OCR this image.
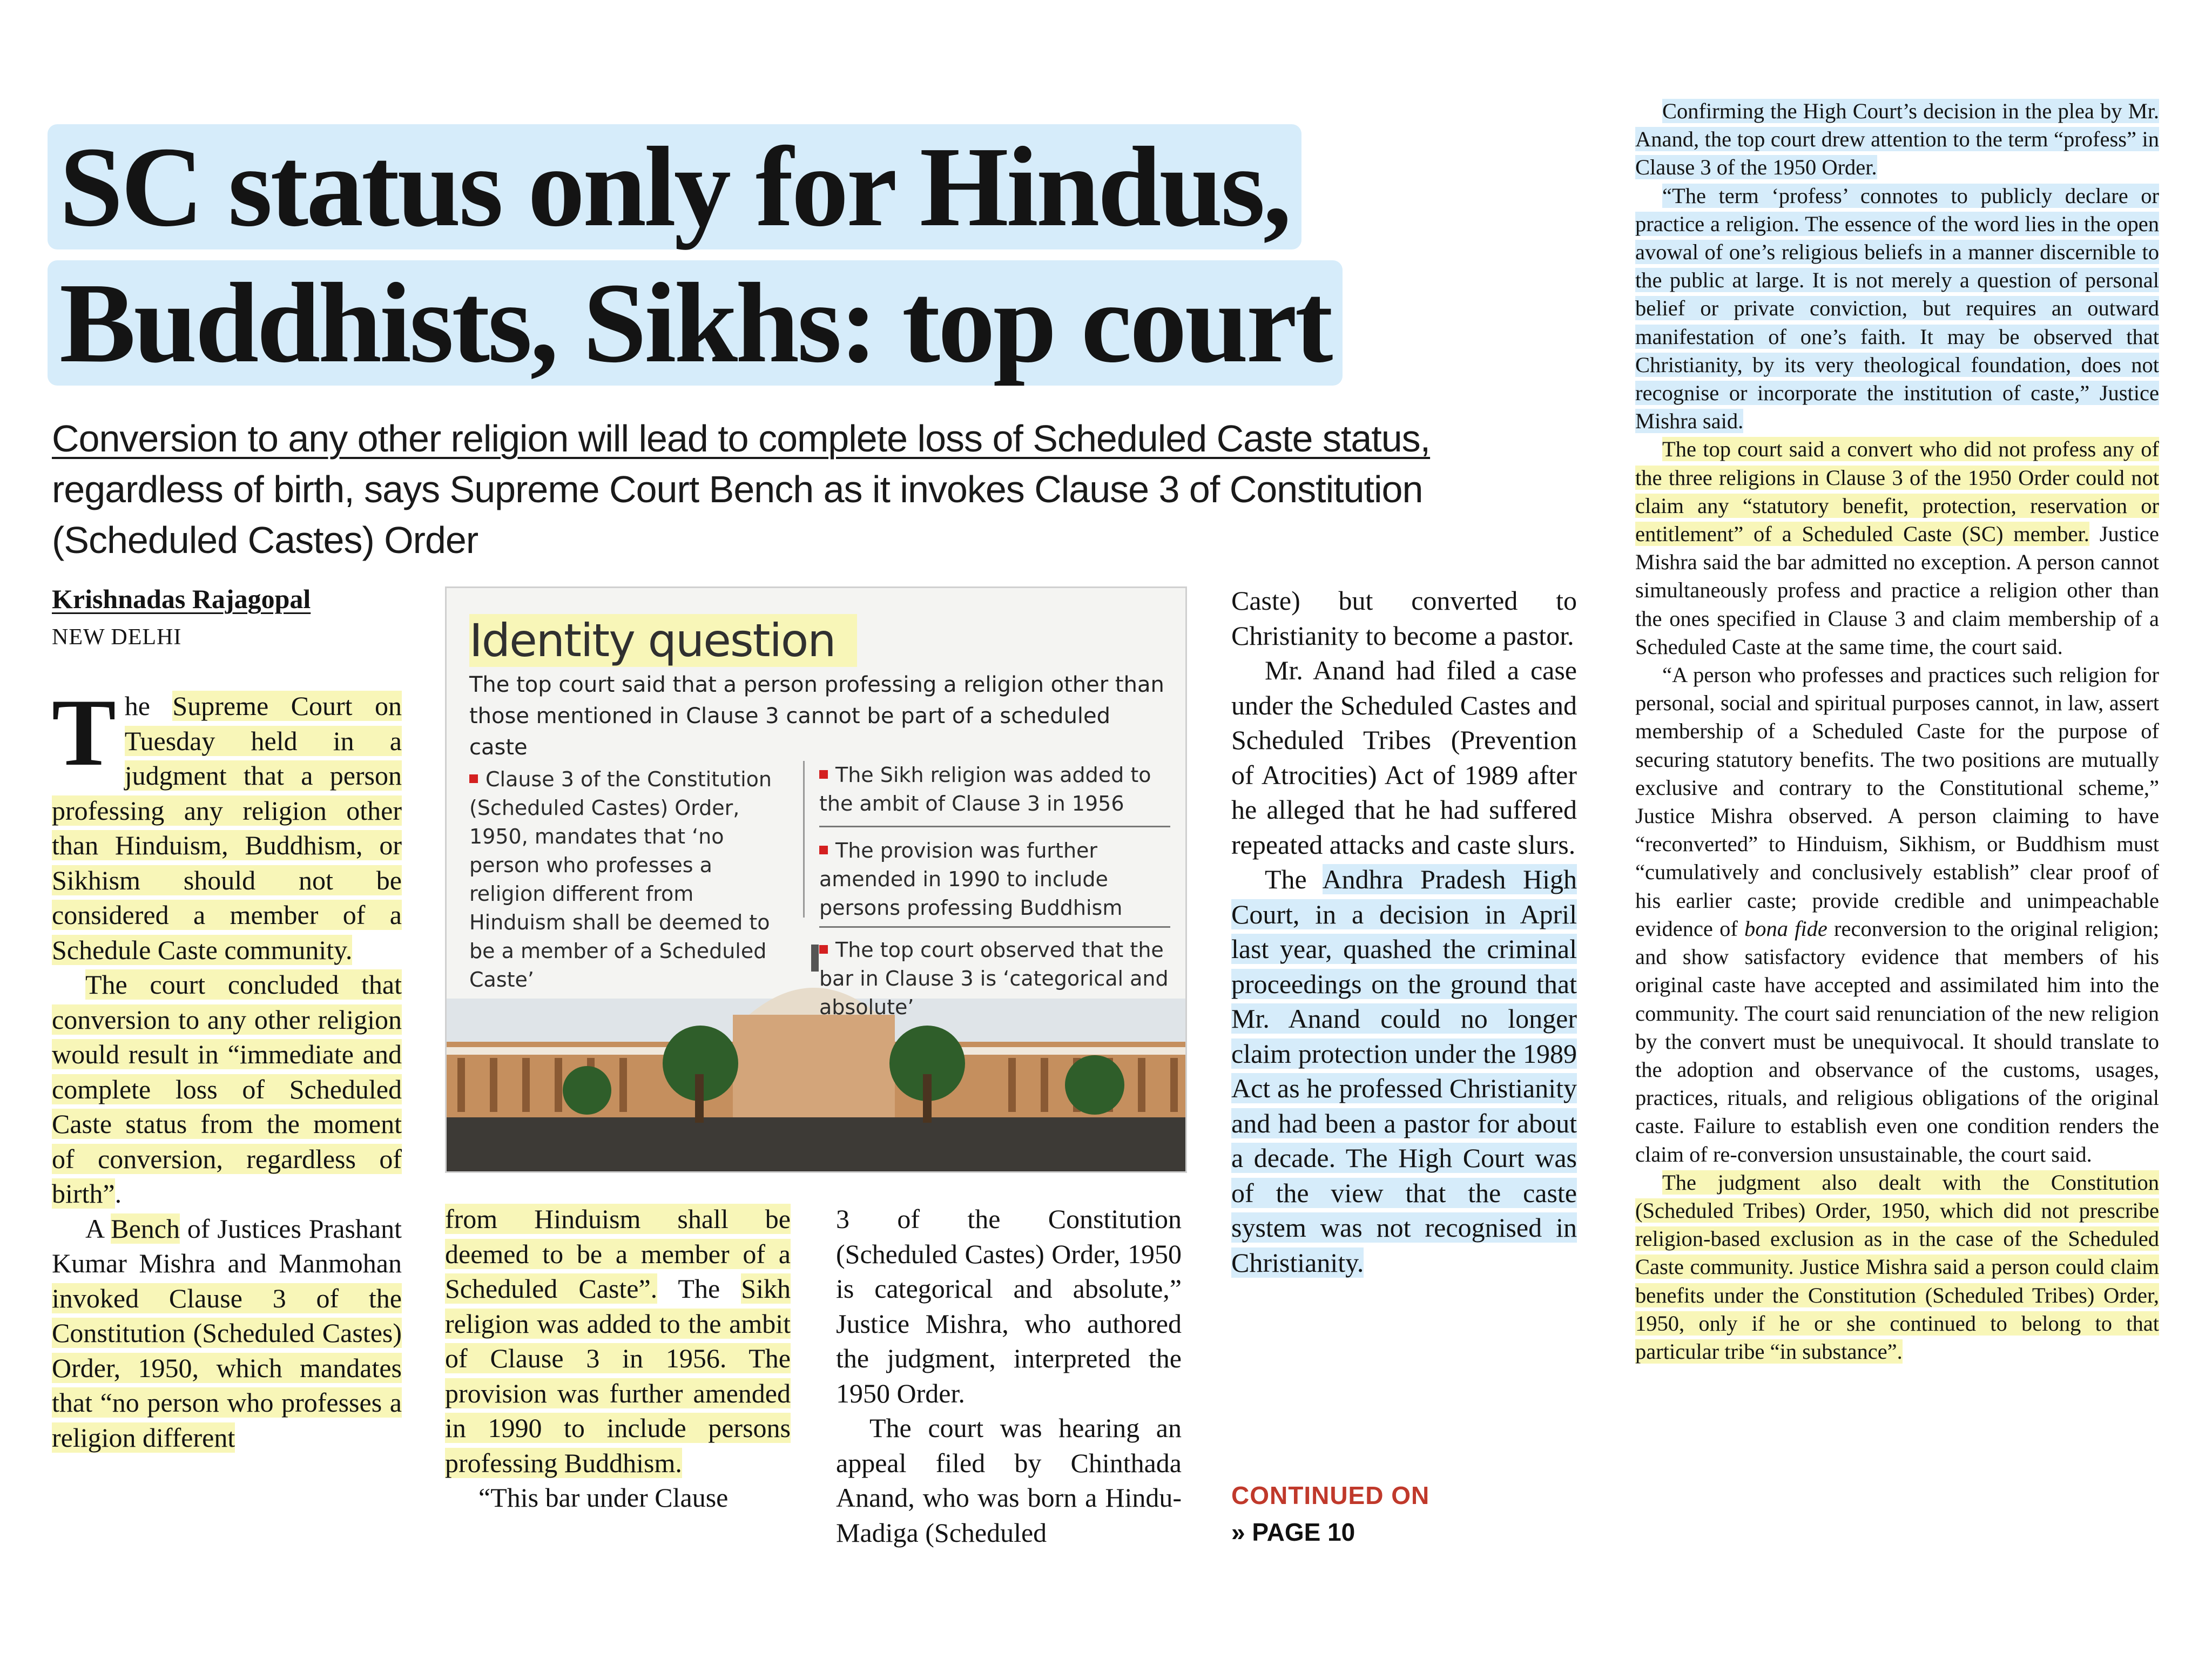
SC status only for Hindus,
Buddhists, Sikhs: top court
Conversion to any other religion will lead to complete loss of Scheduled Caste status, regardless of birth, says Supreme Court Bench as it invokes Clause 3 of Constitution (Scheduled Castes) Order
Krishnadas Rajagopal
NEW DELHI

The Supreme Court on Tuesday held in a judgment that a person professing any religion other than Hinduism, Buddhism, or Sikhism should not be considered a member of a Schedule Caste community.

The court concluded that conversion to any other religion would result in “immediate and complete loss of Scheduled Caste status from the moment of conversion, regardless of birth”.

A Bench of Justices Prashant Kumar Mishra and Manmohan invoked Clause 3 of the Constitution (Scheduled Castes) Order, 1950, which mandates that “no person who professes a religion different

Identity question
The top court said that a person professing a religion other than those mentioned in Clause 3 cannot be part of a scheduled caste
Clause 3 of the Constitution (Scheduled Castes) Order, 1950, mandates that ‘no person who professes a religion different from Hinduism shall be deemed to be a member of a Scheduled Caste’
The Sikh religion was added to the ambit of Clause 3 in 1956
The provision was further amended in 1990 to include persons professing Buddhism
The top court observed that the bar in Clause 3 is ‘categorical and absolute’

from Hinduism shall be deemed to be a member of a Scheduled Caste”. The Sikh religion was added to the ambit of Clause 3 in 1956. The provision was further amended in 1990 to include persons professing Buddhism.

“This bar under Clause

3 of the Constitution (Scheduled Castes) Order, 1950 is categorical and absolute,” Justice Mishra, who authored the judgment, interpreted the 1950 Order.

The court was hearing an appeal filed by Chinthada Anand, who was born a Hindu-Madiga (Scheduled

Caste) but converted to Christianity to become a pastor.

Mr. Anand had filed a case under the Scheduled Castes and Scheduled Tribes (Prevention of Atrocities) Act of 1989 after he alleged that he had suffered repeated attacks and caste slurs.

The Andhra Pradesh High Court, in a decision in April last year, quashed the criminal proceedings on the ground that Mr. Anand could no longer claim protection under the 1989 Act as he professed Christianity and had been a pastor for about a decade. The High Court was of the view that the caste system was not recognised in Christianity.

CONTINUED ON
» PAGE 10

Confirming the High Court’s decision in the plea by Mr. Anand, the top court drew attention to the term “profess” in Clause 3 of the 1950 Order.

“The term ‘profess’ connotes to publicly declare or practice a religion. The essence of the word lies in the open avowal of one’s religious beliefs in a manner discernible to the public at large. It is not merely a question of personal belief or private conviction, but requires an outward manifestation of one’s faith. It may be observed that Christianity, by its very theological foundation, does not recognise or incorporate the institution of caste,” Justice Mishra said.

The top court said a convert who did not profess any of the three religions in Clause 3 of the 1950 Order could not claim any “statutory benefit, protection, reservation or entitlement” of a Scheduled Caste (SC) member. Justice Mishra said the bar admitted no exception. A person cannot simultaneously profess and practice a religion other than the ones specified in Clause 3 and claim membership of a Scheduled Caste at the same time, the court said.

“A person who professes and practices such religion for personal, social and spiritual purposes cannot, in law, assert membership of a Scheduled Caste for the purpose of securing statutory benefits. The two positions are mutually exclusive and contrary to the Constitutional scheme,” Justice Mishra observed. A person claiming to have “reconverted” to Hinduism, Sikhism, or Buddhism must “cumulatively and conclusively establish” clear proof of his earlier caste; provide credible and unimpeachable evidence of bona fide reconversion to the original religion; and show satisfactory evidence that members of his original caste have accepted and assimilated him into the community. The court said renunciation of the new religion by the convert must be unequivocal. It should translate to the adoption and observance of the customs, usages, practices, rituals, and religious obligations of the original caste. Failure to establish even one condition renders the claim of re-conversion unsustainable, the court said.

The judgment also dealt with the Constitution (Scheduled Tribes) Order, 1950, which did not prescribe religion-based exclusion as in the case of the Scheduled Caste community. Justice Mishra said a person could claim benefits under the Constitution (Scheduled Tribes) Order, 1950, only if he or she continued to belong to that particular tribe “in substance”.
